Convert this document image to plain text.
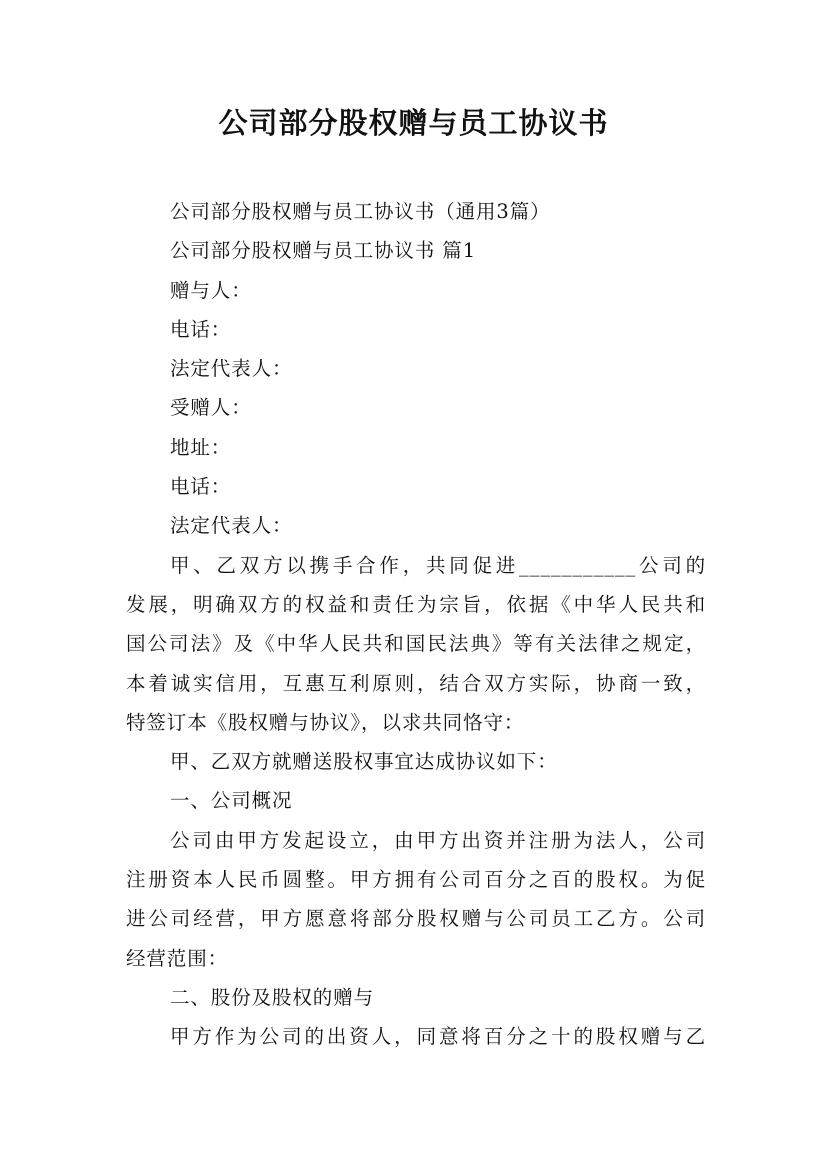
公司部分股权赠与员工协议书

公司部分股权赠与员工协议书（通用3篇）

公司部分股权赠与员工协议书 篇1

赠与人：

电话：

法定代表人：

受赠人：

地址：

电话：

法定代表人：

甲、乙双方以携手合作，共同促进___________公司的

发展，明确双方的权益和责任为宗旨，依据《中华人民共和

国公司法》及《中华人民共和国民法典》等有关法律之规定，

本着诚实信用，互惠互利原则，结合双方实际，协商一致，

特签订本《股权赠与协议》，以求共同恪守：

甲、乙双方就赠送股权事宜达成协议如下：

一、公司概况

公司由甲方发起设立，由甲方出资并注册为法人，公司

注册资本人民币圆整。甲方拥有公司百分之百的股权。为促

进公司经营，甲方愿意将部分股权赠与公司员工乙方。公司

经营范围：

二、股份及股权的赠与

甲方作为公司的出资人，同意将百分之十的股权赠与乙
